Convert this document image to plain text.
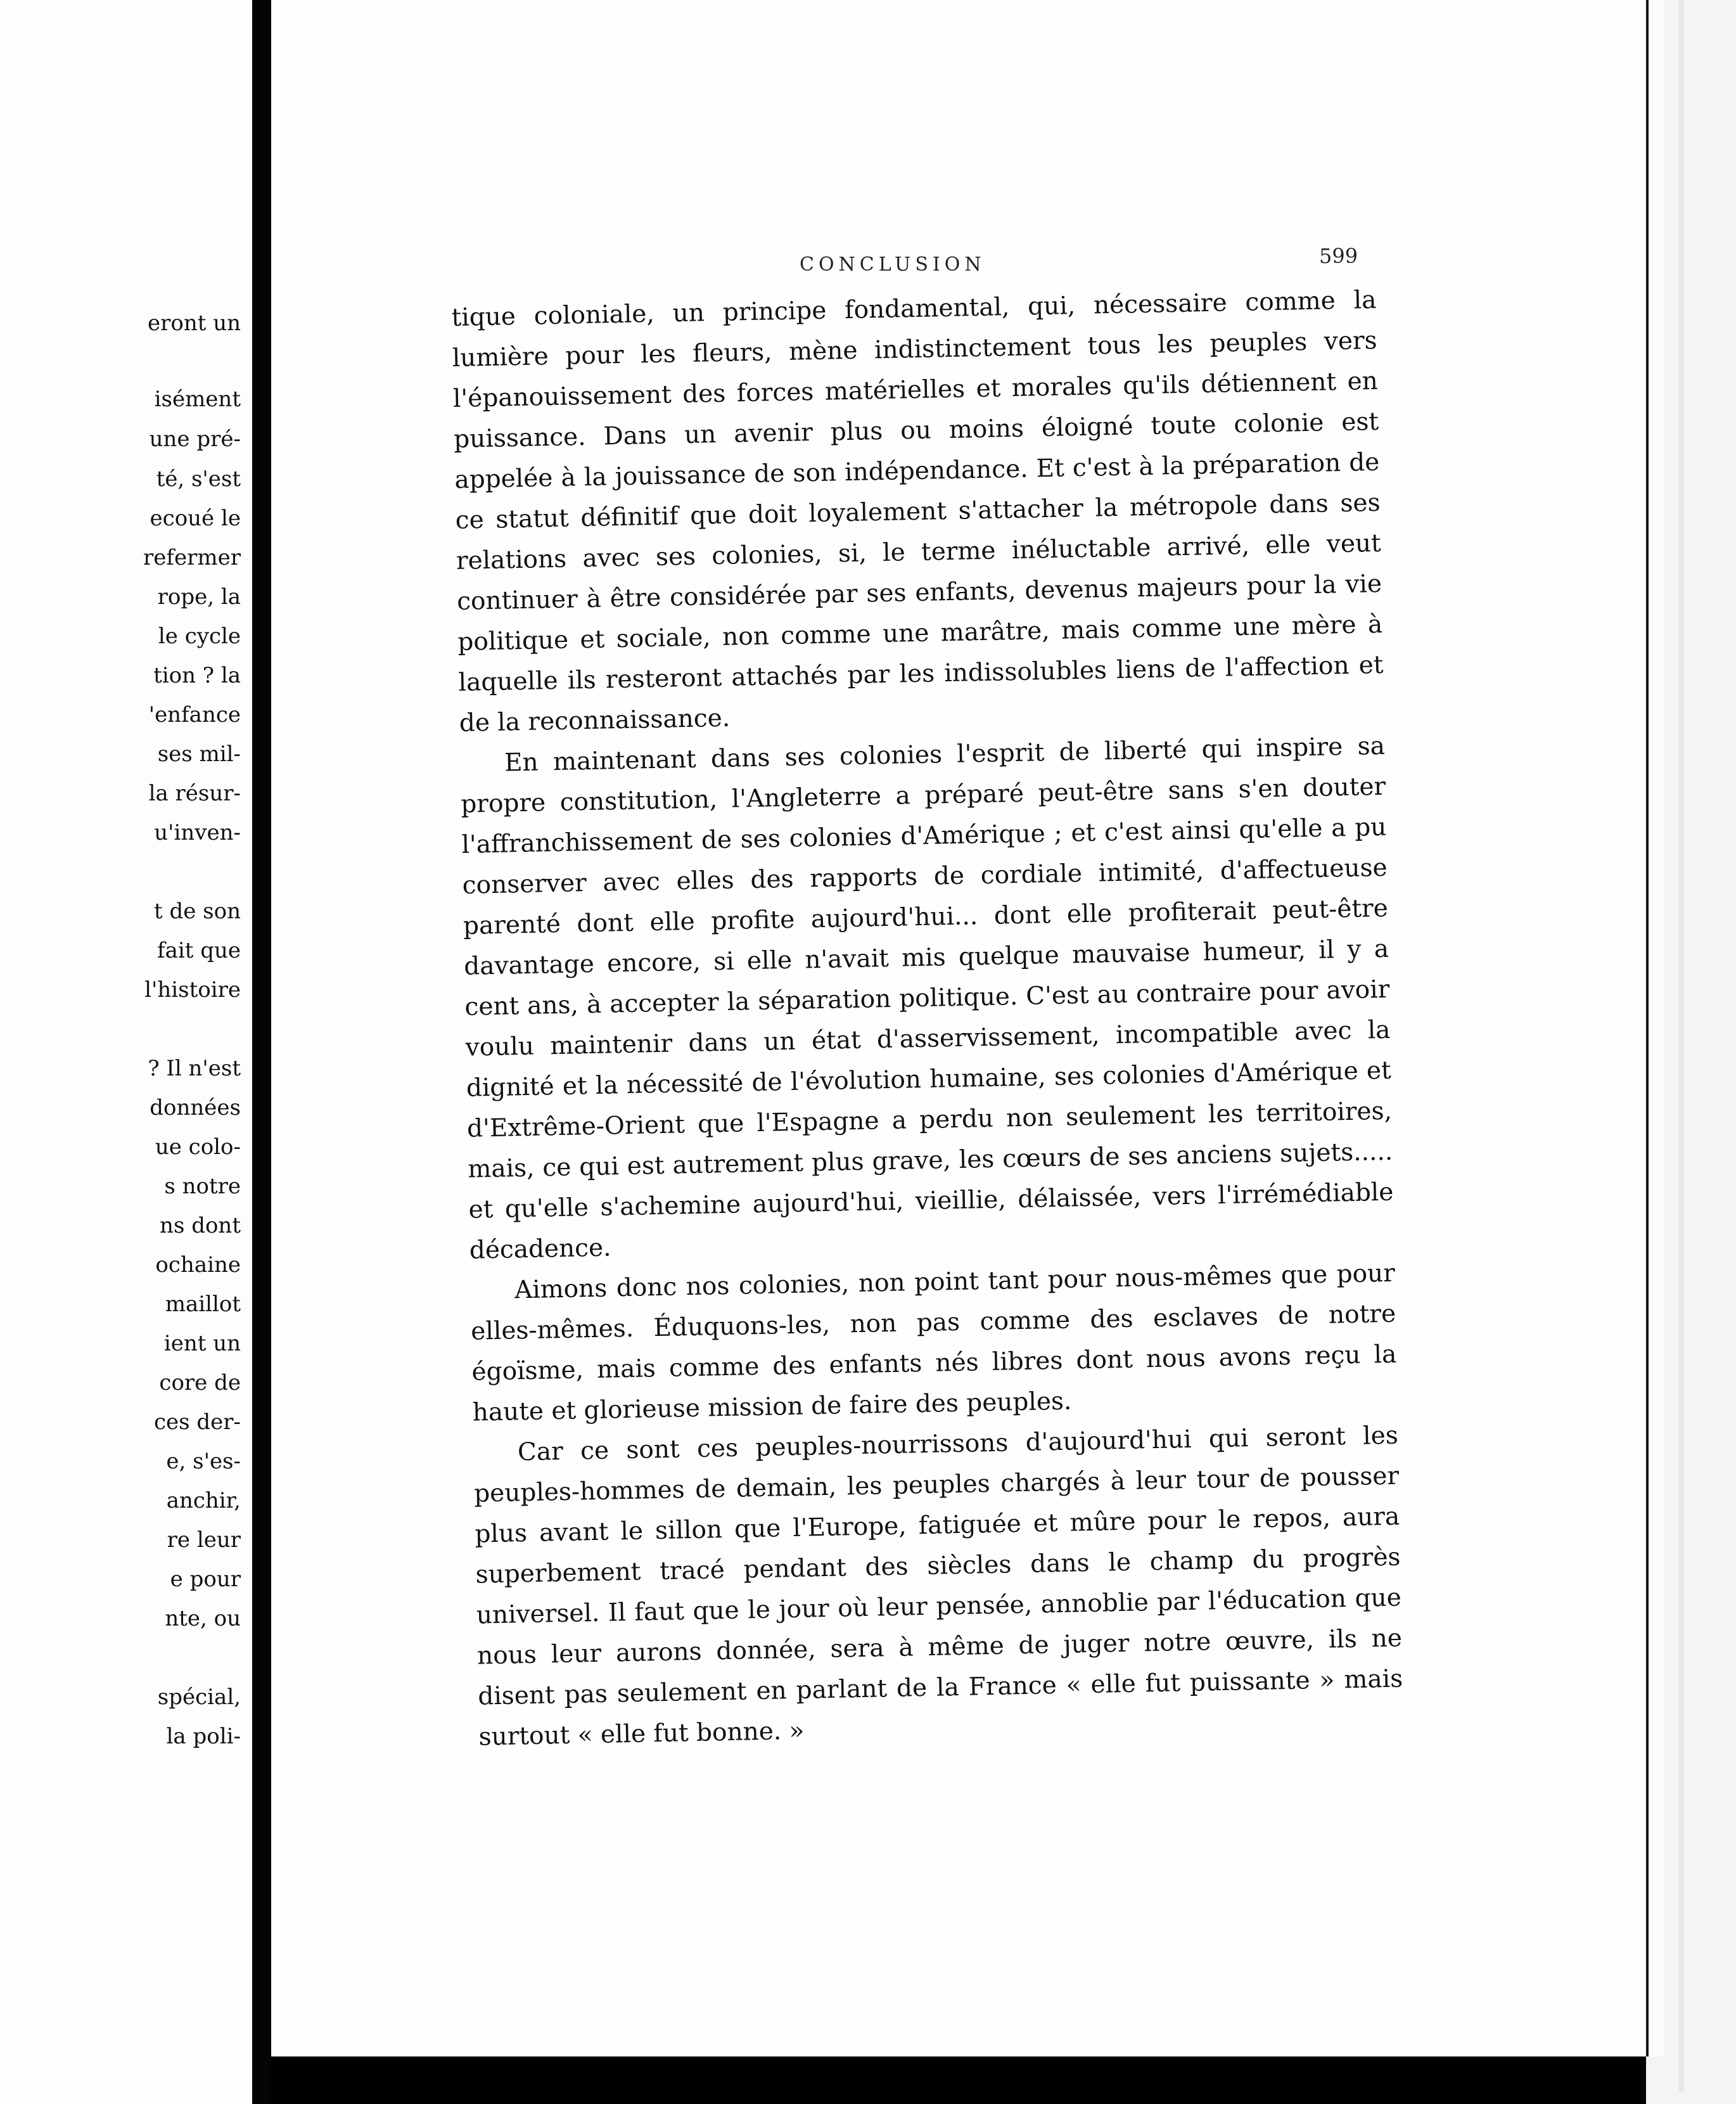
eront un
isément
une pré-
té, s'est
ecoué le
refermer
rope, la
le cycle
tion ? la
'enfance
ses mil-
la résur-
u'inven-
t de son
fait que
l'histoire
? Il n'est
données
ue colo-
s notre
ns dont
ochaine
maillot
ient un
core de
ces der-
e, s'es-
anchir,
re leur
e pour
nte, ou
spécial,
la poli-
CONCLUSION	599

tique coloniale, un principe fondamental, qui, nécessaire comme la lumière pour les fleurs, mène indistinctement tous les peuples vers l'épanouissement des forces matérielles et morales qu'ils détiennent en puissance. Dans un avenir plus ou moins éloigné toute colonie est appelée à la jouissance de son indépendance. Et c'est à la préparation de ce statut définitif que doit loyalement s'attacher la métropole dans ses relations avec ses colonies, si, le terme inéluctable arrivé, elle veut continuer à être considérée par ses enfants, devenus majeurs pour la vie politique et sociale, non comme une marâtre, mais comme une mère à laquelle ils resteront attachés par les indissolubles liens de l'affection et de la reconnaissance.

En maintenant dans ses colonies l'esprit de liberté qui inspire sa propre constitution, l'Angleterre a préparé peut-être sans s'en douter l'affranchissement de ses colonies d'Amérique ; et c'est ainsi qu'elle a pu conserver avec elles des rapports de cordiale intimité, d'affectueuse parenté dont elle profite aujourd'hui... dont elle profiterait peut-être davantage encore, si elle n'avait mis quelque mauvaise humeur, il y a cent ans, à accepter la séparation politique. C'est au contraire pour avoir voulu maintenir dans un état d'asservissement, incompatible avec la dignité et la nécessité de l'évolution humaine, ses colonies d'Amérique et d'Extrême-Orient que l'Espagne a perdu non seulement les territoires, mais, ce qui est autrement plus grave, les cœurs de ses anciens sujets..... et qu'elle s'achemine aujourd'hui, vieillie, délaissée, vers l'irrémédiable décadence.

Aimons donc nos colonies, non point tant pour nous-mêmes que pour elles-mêmes. Éduquons-les, non pas comme des esclaves de notre égoïsme, mais comme des enfants nés libres dont nous avons reçu la haute et glorieuse mission de faire des peuples.

Car ce sont ces peuples-nourrissons d'aujourd'hui qui seront les peuples-hommes de demain, les peuples chargés à leur tour de pousser plus avant le sillon que l'Europe, fatiguée et mûre pour le repos, aura superbement tracé pendant des siècles dans le champ du progrès universel. Il faut que le jour où leur pensée, annoblie par l'éducation que nous leur aurons donnée, sera à même de juger notre œuvre, ils ne disent pas seulement en parlant de la France « elle fut puissante » mais surtout « elle fut bonne. »
